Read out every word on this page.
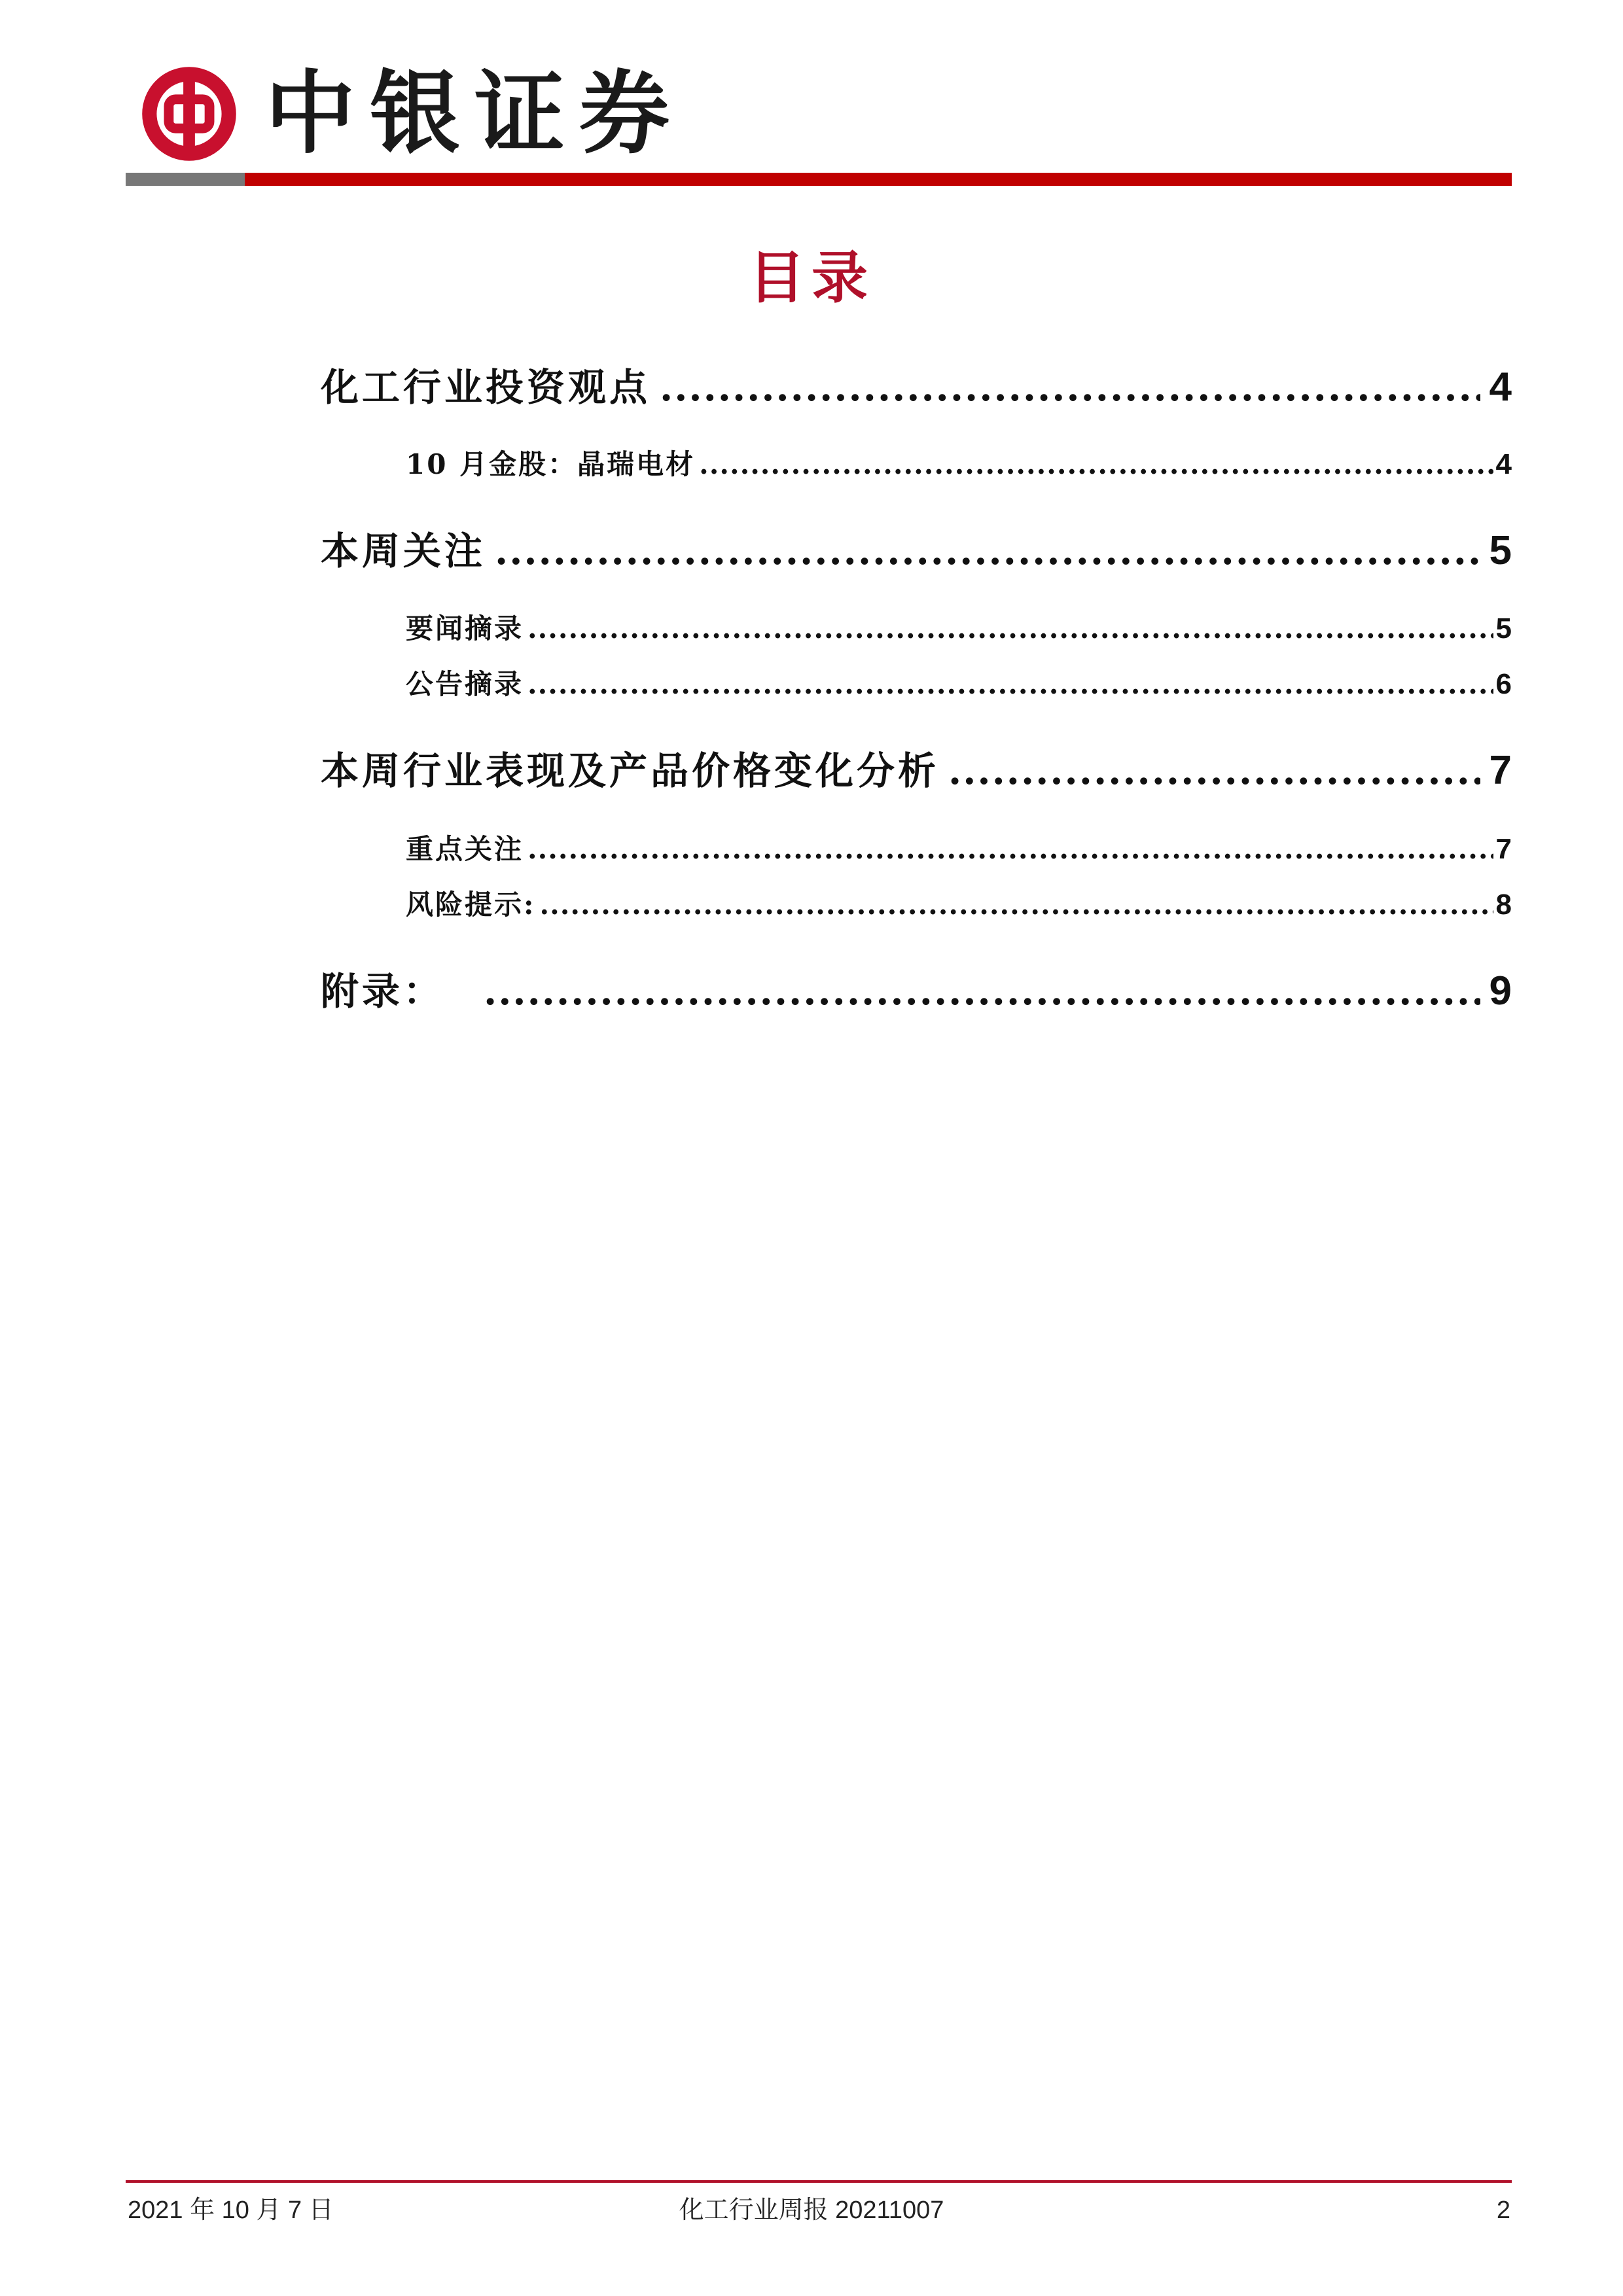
中银证券
目录
化工行业投资观点 .....	4
10 月金股：晶瑞电材 .....	4
本周关注 .....	5
要闻摘录 .....	5
公告摘录 .....	6
本周行业表现及产品价格变化分析 .....	7
重点关注 .....	7
风险提示: .....	8
附录： .....	9
2021 年 10 月 7 日	化工行业周报 20211007	2
